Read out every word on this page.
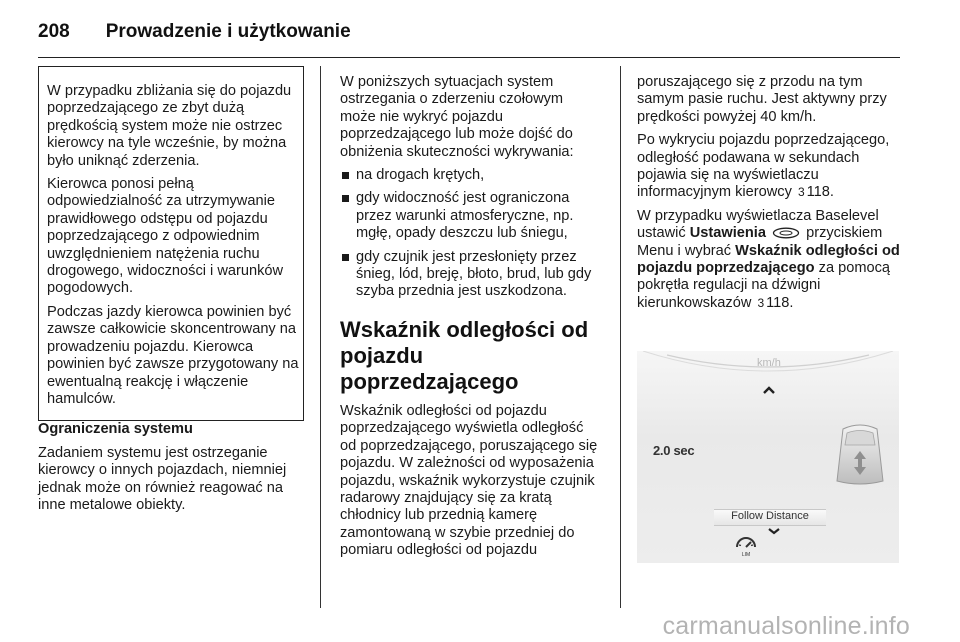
208 Prowadzenie i użytkowanie

W przypadku zbliżania się do pojazdu poprzedzającego ze zbyt dużą prędkością system może nie ostrzec kierowcy na tyle wcześnie, by można było uniknąć zderzenia.

Kierowca ponosi pełną odpowiedzialność za utrzymywanie prawidłowego odstępu od pojazdu poprzedzającego z odpowiednim uwzględnieniem natężenia ruchu drogowego, widoczności i warunków pogodowych.

Podczas jazdy kierowca powinien być zawsze całkowicie skoncentrowany na prowadzeniu pojazdu. Kierowca powinien być zawsze przygotowany na ewentualną reakcję i włączenie hamulców.

Ograniczenia systemu

Zadaniem systemu jest ostrzeganie kierowcy o innych pojazdach, niemniej jednak może on również reagować na inne metalowe obiekty.

W poniższych sytuacjach system ostrzegania o zderzeniu czołowym może nie wykryć pojazdu poprzedzającego lub może dojść do obniżenia skuteczności wykrywania:

na drogach krętych,
gdy widoczność jest ograniczona przez warunki atmosferyczne, np. mgłę, opady deszczu lub śniegu,
gdy czujnik jest przesłonięty przez śnieg, lód, breję, błoto, brud, lub gdy szyba przednia jest uszkodzona.
Wskaźnik odległości od pojazdu poprzedzającego

Wskaźnik odległości od pojazdu poprzedzającego wyświetla odległość od poprzedzającego, poruszającego się pojazdu. W zależności od wyposażenia pojazdu, wskaźnik wykorzystuje czujnik radarowy znajdujący się za kratą chłodnicy lub przednią kamerę zamontowaną w szybie przedniej do pomiaru odległości od pojazdu

poruszającego się z przodu na tym samym pasie ruchu. Jest aktywny przy prędkości powyżej 40 km/h.

Po wykryciu pojazdu poprzedzającego, odległość podawana w sekundach pojawia się na wyświetlaczu informacyjnym kierowcy 3 118.

W przypadku wyświetlacza Baselevel ustawić Ustawienia	przyciskiem Menu i wybrać Wskaźnik odległości od pojazdu poprzedzającego za pomocą pokrętła regulacji na dźwigni kierunkowskazów 3 118.

km/h
2.0 sec
Follow Distance
LIM
carmanualsonline.info
